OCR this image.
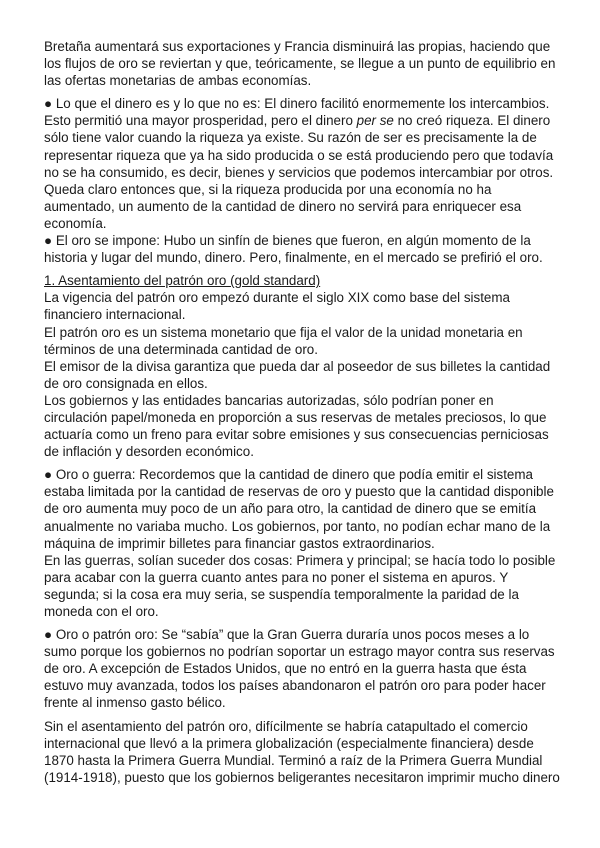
Bretaña aumentará sus exportaciones y Francia disminuirá las propias, haciendo que los flujos de oro se reviertan y que, teóricamente, se llegue a un punto de equilibrio en las ofertas monetarias de ambas economías.

● Lo que el dinero es y lo que no es: El dinero facilitó enormemente los intercambios. Esto permitió una mayor prosperidad, pero el dinero per se no creó riqueza. El dinero sólo tiene valor cuando la riqueza ya existe. Su razón de ser es precisamente la de representar riqueza que ya ha sido producida o se está produciendo pero que todavía no se ha consumido, es decir, bienes y servicios que podemos intercambiar por otros. Queda claro entonces que, si la riqueza producida por una economía no ha aumentado, un aumento de la cantidad de dinero no servirá para enriquecer esa economía.

● El oro se impone: Hubo un sinfín de bienes que fueron, en algún momento de la historia y lugar del mundo, dinero. Pero, finalmente, en el mercado se prefirió el oro.

1. Asentamiento del patrón oro (gold standard)

La vigencia del patrón oro empezó durante el siglo XIX como base del sistema financiero internacional.

El patrón oro es un sistema monetario que fija el valor de la unidad monetaria en términos de una determinada cantidad de oro.

El emisor de la divisa garantiza que pueda dar al poseedor de sus billetes la cantidad de oro consignada en ellos.

Los gobiernos y las entidades bancarias autorizadas, sólo podrían poner en circulación papel/moneda en proporción a sus reservas de metales preciosos, lo que actuaría como un freno para evitar sobre emisiones y sus consecuencias perniciosas de inflación y desorden económico.

● Oro o guerra: Recordemos que la cantidad de dinero que podía emitir el sistema estaba limitada por la cantidad de reservas de oro y puesto que la cantidad disponible de oro aumenta muy poco de un año para otro, la cantidad de dinero que se emitía anualmente no variaba mucho. Los gobiernos, por tanto, no podían echar mano de la máquina de imprimir billetes para financiar gastos extraordinarios.

En las guerras, solían suceder dos cosas: Primera y principal; se hacía todo lo posible para acabar con la guerra cuanto antes para no poner el sistema en apuros. Y segunda; si la cosa era muy seria, se suspendía temporalmente la paridad de la moneda con el oro.

● Oro o patrón oro: Se “sabía” que la Gran Guerra duraría unos pocos meses a lo sumo porque los gobiernos no podrían soportar un estrago mayor contra sus reservas de oro. A excepción de Estados Unidos, que no entró en la guerra hasta que ésta estuvo muy avanzada, todos los países abandonaron el patrón oro para poder hacer frente al inmenso gasto bélico.

Sin el asentamiento del patrón oro, difícilmente se habría catapultado el comercio internacional que llevó a la primera globalización (especialmente financiera) desde 1870 hasta la Primera Guerra Mundial. Terminó a raíz de la Primera Guerra Mundial (1914-1918), puesto que los gobiernos beligerantes necesitaron imprimir mucho dinero
